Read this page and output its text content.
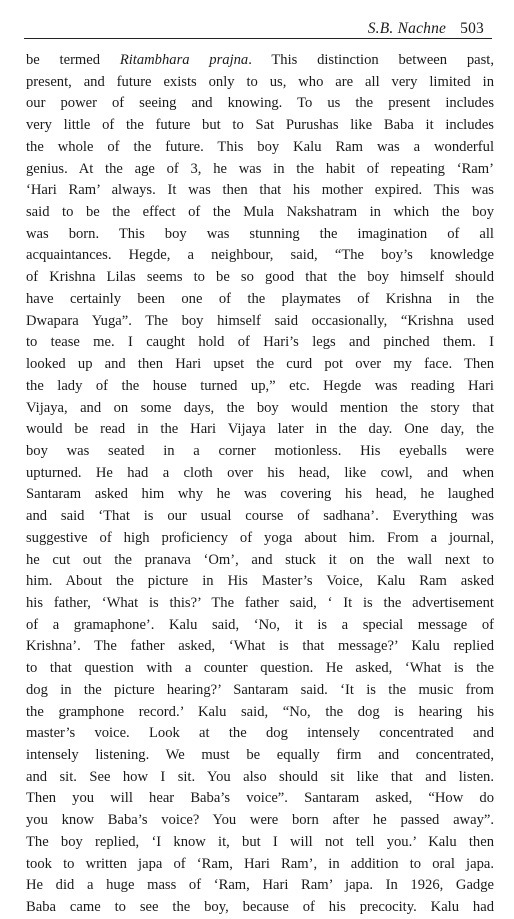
S.B. Nachne 503
be termed Ritambhara prajna. This distinction between past,
present, and future exists only to us, who are all very limited in
our power of seeing and knowing. To us the present includes
very little of the future but to Sat Purushas like Baba it includes
the whole of the future. This boy Kalu Ram was a wonderful
genius. At the age of 3, he was in the habit of repeating ‘Ram’
‘Hari Ram’ always. It was then that his mother expired. This was
said to be the effect of the Mula Nakshatram in which the boy
was born. This boy was stunning the imagination of all
acquaintances. Hegde, a neighbour, said, “The boy’s knowledge
of Krishna Lilas seems to be so good that the boy himself should
have certainly been one of the playmates of Krishna in the
Dwapara Yuga”. The boy himself said occasionally, “Krishna used
to tease me. I caught hold of Hari’s legs and pinched them. I
looked up and then Hari upset the curd pot over my face. Then
the lady of the house turned up,” etc. Hegde was reading Hari
Vijaya, and on some days, the boy would mention the story that
would be read in the Hari Vijaya later in the day. One day, the
boy was seated in a corner motionless. His eyeballs were
upturned. He had a cloth over his head, like cowl, and when
Santaram asked him why he was covering his head, he laughed
and said ‘That is our usual course of sadhana’. Everything was
suggestive of high proficiency of yoga about him. From a journal,
he cut out the pranava ‘Om’, and stuck it on the wall next to
him. About the picture in His Master’s Voice, Kalu Ram asked
his father, ‘What is this?’ The father said, ‘ It is the advertisement
of a gramaphone’. Kalu said, ‘No, it is a special message of
Krishna’. The father asked, ‘What is that message?’ Kalu replied
to that question with a counter question. He asked, ‘What is the
dog in the picture hearing?’ Santaram said. ‘It is the music from
the gramphone record.’ Kalu said, “No, the dog is hearing his
master’s voice. Look at the dog intensely concentrated and
intensely listening. We must be equally firm and concentrated,
and sit. See how I sit. You also should sit like that and listen.
Then you will hear Baba’s voice”. Santaram asked, “How do
you know Baba’s voice? You were born after he passed away”.
The boy replied, ‘I know it, but I will not tell you.’ Kalu then
took to written japa of ‘Ram, Hari Ram’, in addition to oral japa.
He did a huge mass of ‘Ram, Hari Ram’ japa. In 1926, Gadge
Baba came to see the boy, because of his precocity. Kalu had
